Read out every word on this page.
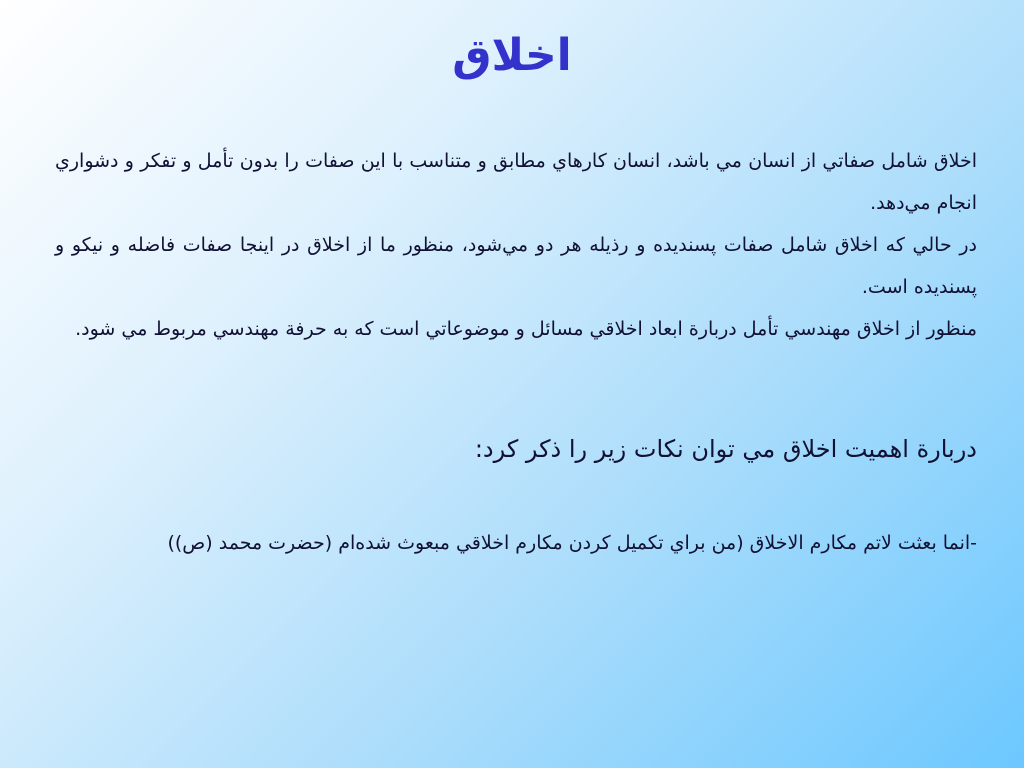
اخلاق

اخلاق شامل صفاتي از انسان مي باشد، انسان كارهاي مطابق و متناسب با اين صفات را بدون تأمل و تفكر و دشواري انجام مي‌دهد.

در حالي كه اخلاق شامل صفات پسنديده و رذيله هر دو مي‌شود، منظور ما از اخلاق در اينجا صفات فاضله و نيكو و پسنديده است.

منظور از اخلاق مهندسي تأمل دربارة ابعاد اخلاقي مسائل و موضوعاتي است كه به حرفة مهندسي مربوط مي شود.

دربارة اهميت اخلاق مي توان نكات زير را ذكر كرد:

-انما بعثت لاتم مكارم الاخلاق (من براي تكميل كردن مكارم اخلاقي مبعوث شده‌ام (حضرت محمد (ص))
